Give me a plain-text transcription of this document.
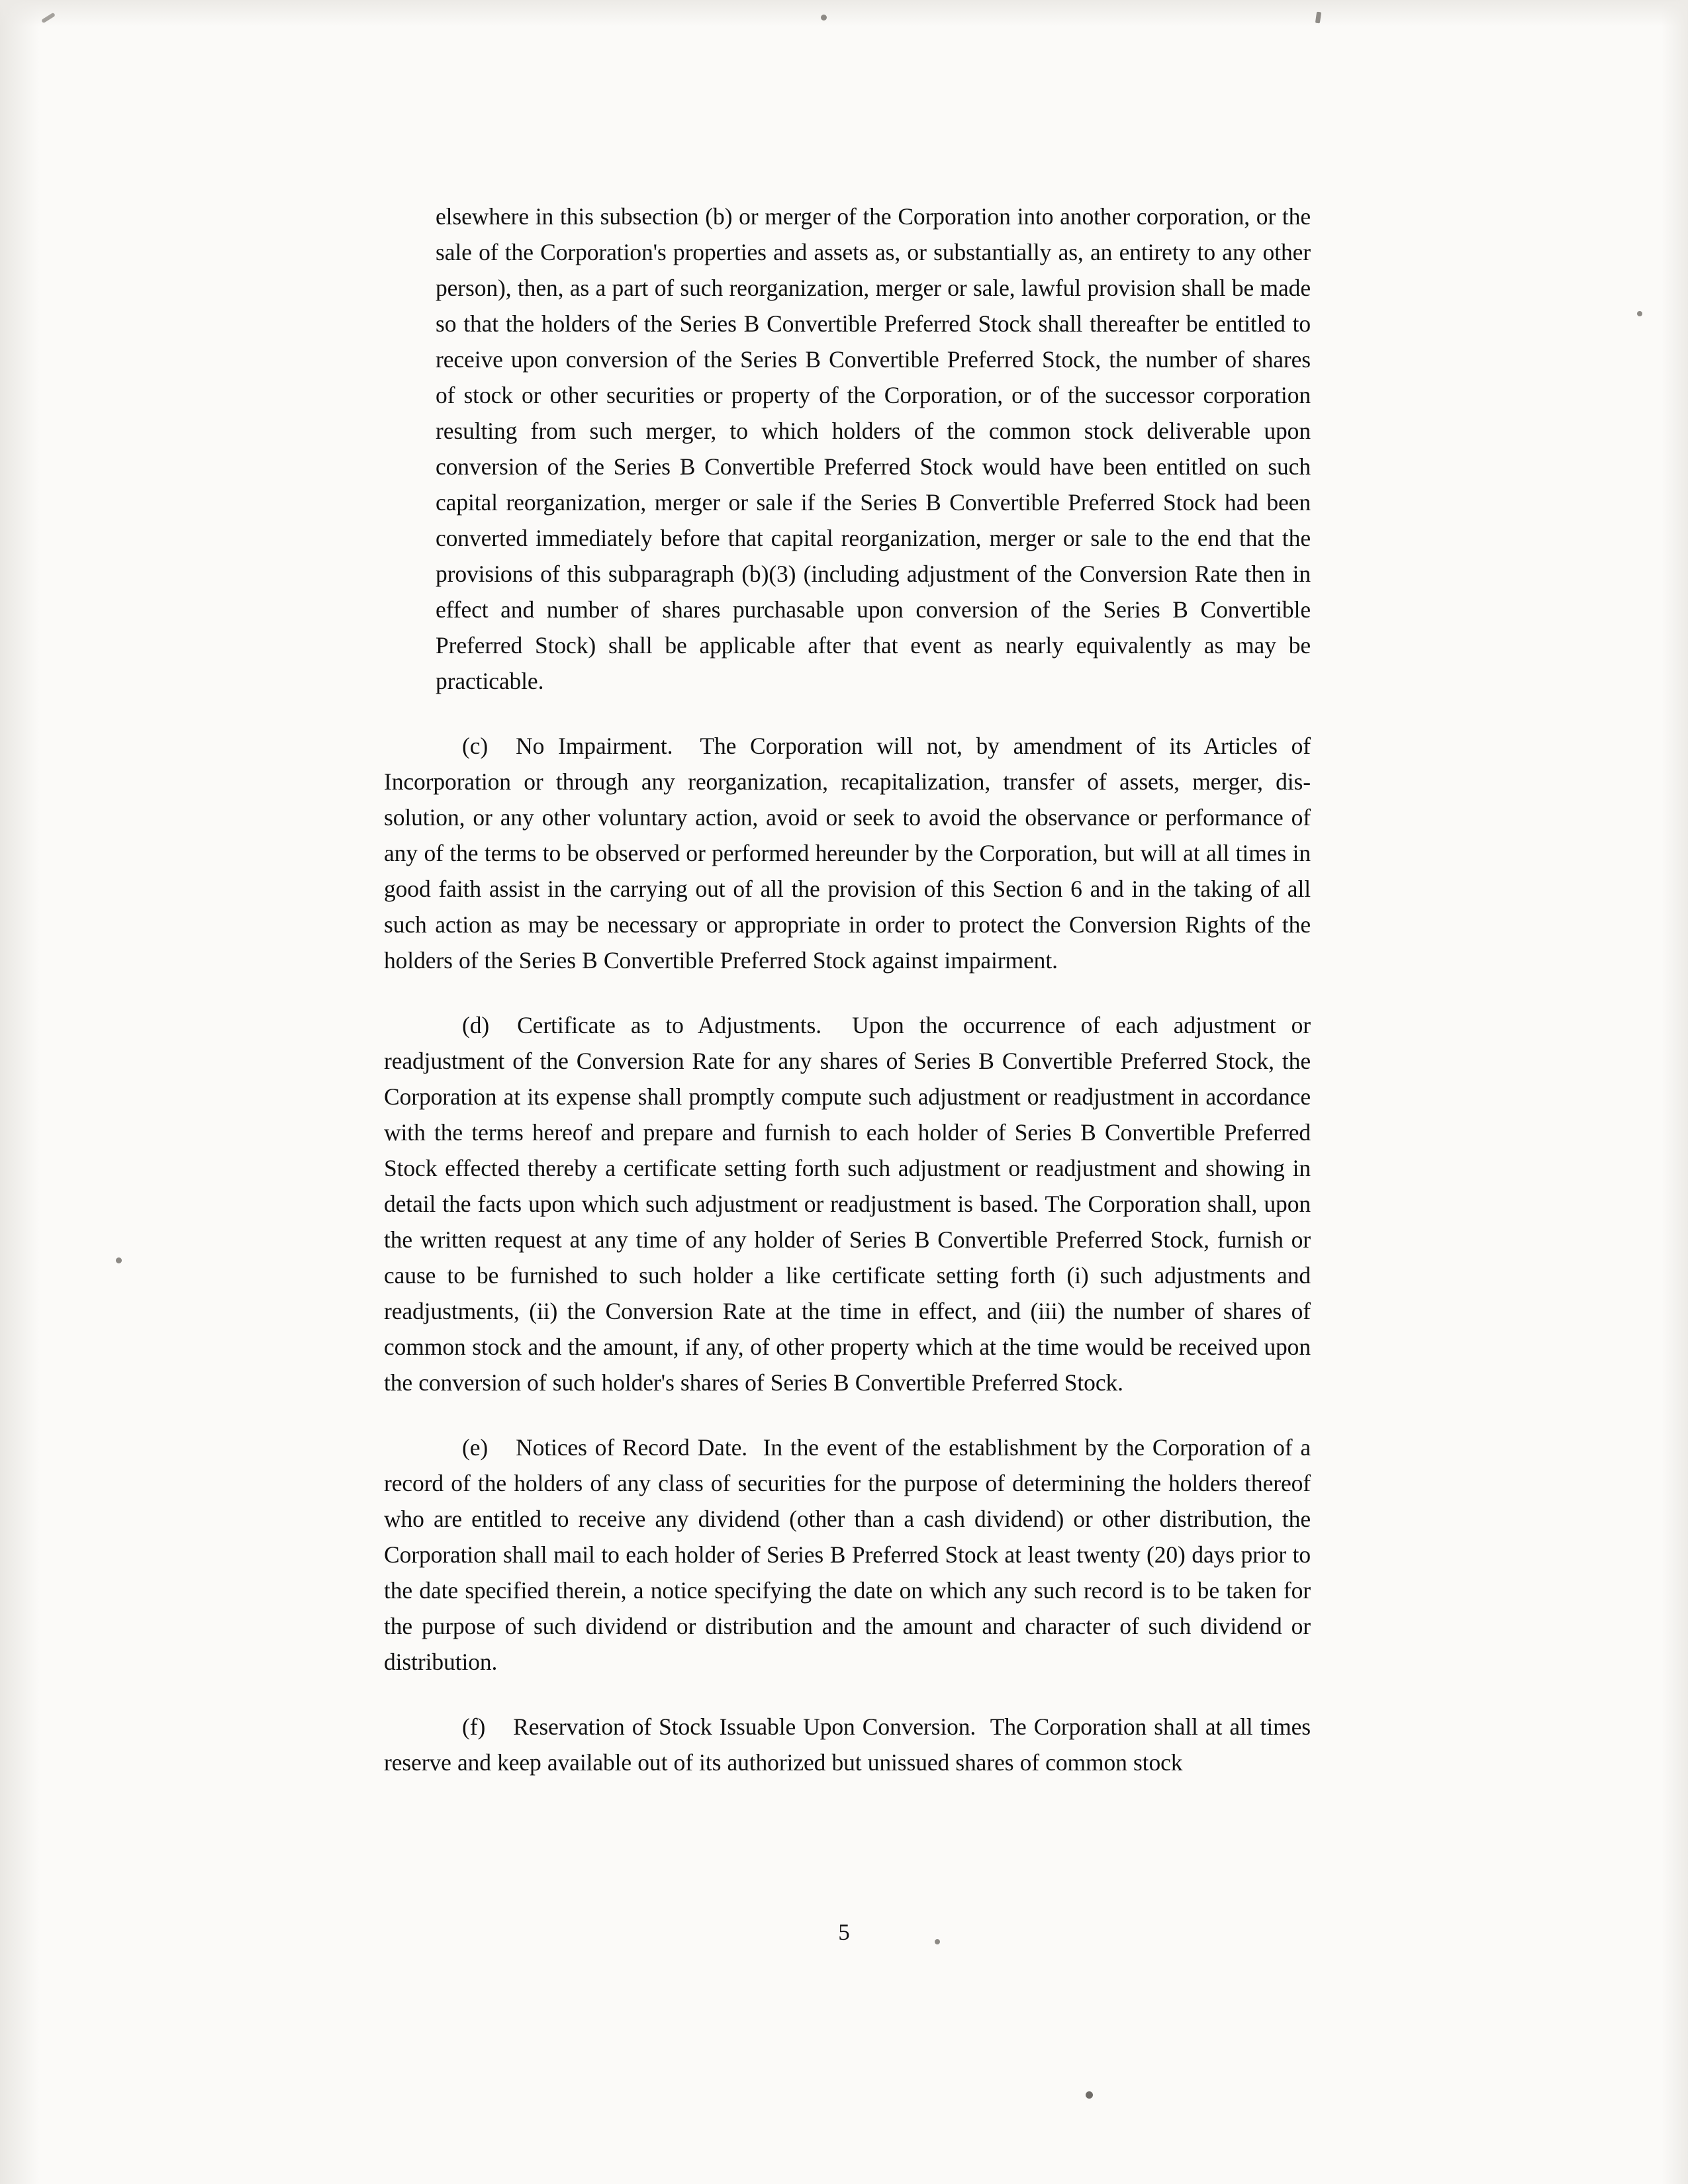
elsewhere in this subsection (b) or merger of the Corporation into another corporation, or the sale of the Corporation's properties and assets as, or substantially as, an entirety to any other person), then, as a part of such reorganization, merger or sale, lawful provision shall be made so that the holders of the Series B Convertible Preferred Stock shall thereafter be entitled to receive upon conversion of the Series B Convertible Preferred Stock, the number of shares of stock or other securities or property of the Corporation, or of the successor corporation resulting from such merger, to which holders of the common stock deliverable upon conversion of the Series B Convertible Preferred Stock would have been entitled on such capital reorganization, merger or sale if the Series B Convertible Preferred Stock had been converted immediately before that capital reorganization, merger or sale to the end that the provisions of this subparagraph (b)(3) (including adjustment of the Conversion Rate then in effect and number of shares purchasable upon conversion of the Series B Convertible Preferred Stock) shall be applicable after that event as nearly equivalently as may be practicable.

(c) No Impairment. The Corporation will not, by amendment of its Articles of Incorporation or through any reorganization, recapitalization, transfer of assets, merger, dis-solution, or any other voluntary action, avoid or seek to avoid the observance or performance of any of the terms to be observed or performed hereunder by the Corporation, but will at all times in good faith assist in the carrying out of all the provision of this Section 6 and in the taking of all such action as may be necessary or appropriate in order to protect the Conversion Rights of the holders of the Series B Convertible Preferred Stock against impairment.

(d) Certificate as to Adjustments. Upon the occurrence of each adjustment or readjustment of the Conversion Rate for any shares of Series B Convertible Preferred Stock, the Corporation at its expense shall promptly compute such adjustment or readjustment in accordance with the terms hereof and prepare and furnish to each holder of Series B Convertible Preferred Stock effected thereby a certificate setting forth such adjustment or readjustment and showing in detail the facts upon which such adjustment or readjustment is based. The Corporation shall, upon the written request at any time of any holder of Series B Convertible Preferred Stock, furnish or cause to be furnished to such holder a like certificate setting forth (i) such adjustments and readjustments, (ii) the Conversion Rate at the time in effect, and (iii) the number of shares of common stock and the amount, if any, of other property which at the time would be received upon the conversion of such holder's shares of Series B Convertible Preferred Stock.

(e) Notices of Record Date. In the event of the establishment by the Corporation of a record of the holders of any class of securities for the purpose of determining the holders thereof who are entitled to receive any dividend (other than a cash dividend) or other distribution, the Corporation shall mail to each holder of Series B Preferred Stock at least twenty (20) days prior to the date specified therein, a notice specifying the date on which any such record is to be taken for the purpose of such dividend or distribution and the amount and character of such dividend or distribution.

(f) Reservation of Stock Issuable Upon Conversion. The Corporation shall at all times reserve and keep available out of its authorized but unissued shares of common stock

5
